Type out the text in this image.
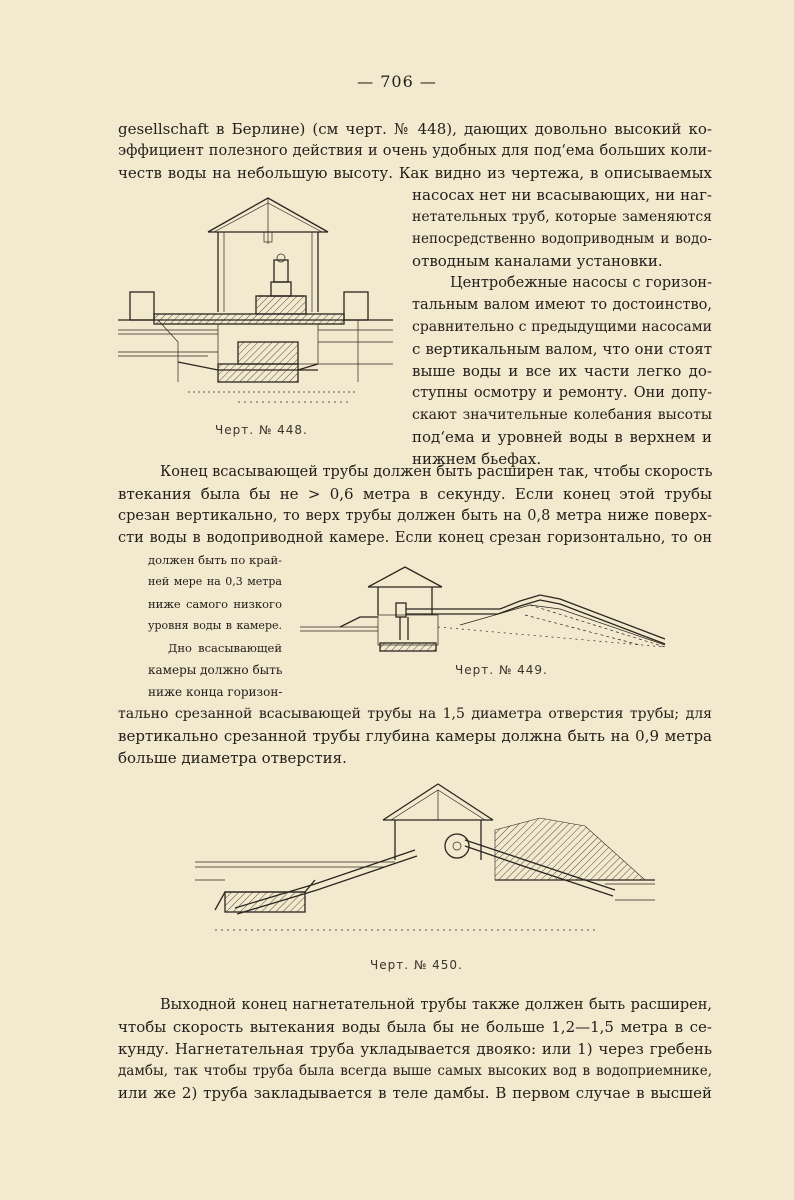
— 706 —
gesellschaft в Берлине) (см черт. № 448), дающих довольно высокий ко-
эффициент полезного действия и очень удобных для под‘ема больших коли-
честв воды на небольшую высоту. Как видно из чертежа, в описываемых
насосах нет ни всасывающих, ни наг-
нетательных труб, которые заменяются
непосредственно водоприводным и водо-
отводным каналами установки.
Центробежные насосы с горизон-
тальным валом имеют то достоинство,
сравнительно с предыдущими насосами
с вертикальным валом, что они стоят
выше воды и все их части легко до-
ступны осмотру и ремонту. Они допу-
скают значительные колебания высоты
под‘ема и уровней воды в верхнем и
нижнем бьефах.
Черт. № 448.
Конец всасывающей трубы должен быть расширен так, чтобы скорость
втекания была бы не > 0,6 метра в секунду. Если конец этой трубы
срезан вертикально, то верх трубы должен быть на 0,8 метра ниже поверх-
сти воды в водоприводной камере. Если конец срезан горизонтально, то он
должен быть по край-
ней мере на 0,3 метра
ниже самого низкого
уровня воды в камере.
Дно всасывающей
камеры должно быть
ниже конца горизон-
Черт. № 449.
тально срезанной всасывающей трубы на 1,5 диаметра отверстия трубы; для
вертикально срезанной трубы глубина камеры должна быть на 0,9 метра
больше диаметра отверстия.
Черт. № 450.
Выходной конец нагнетательной трубы также должен быть расширен,
чтобы скорость вытекания воды была бы не больше 1,2—1,5 метра в се-
кунду. Нагнетательная труба укладывается двояко: или 1) через гребень
дамбы, так чтобы труба была всегда выше самых высоких вод в водоприемнике,
или же 2) труба закладывается в теле дамбы. В первом случае в высшей
